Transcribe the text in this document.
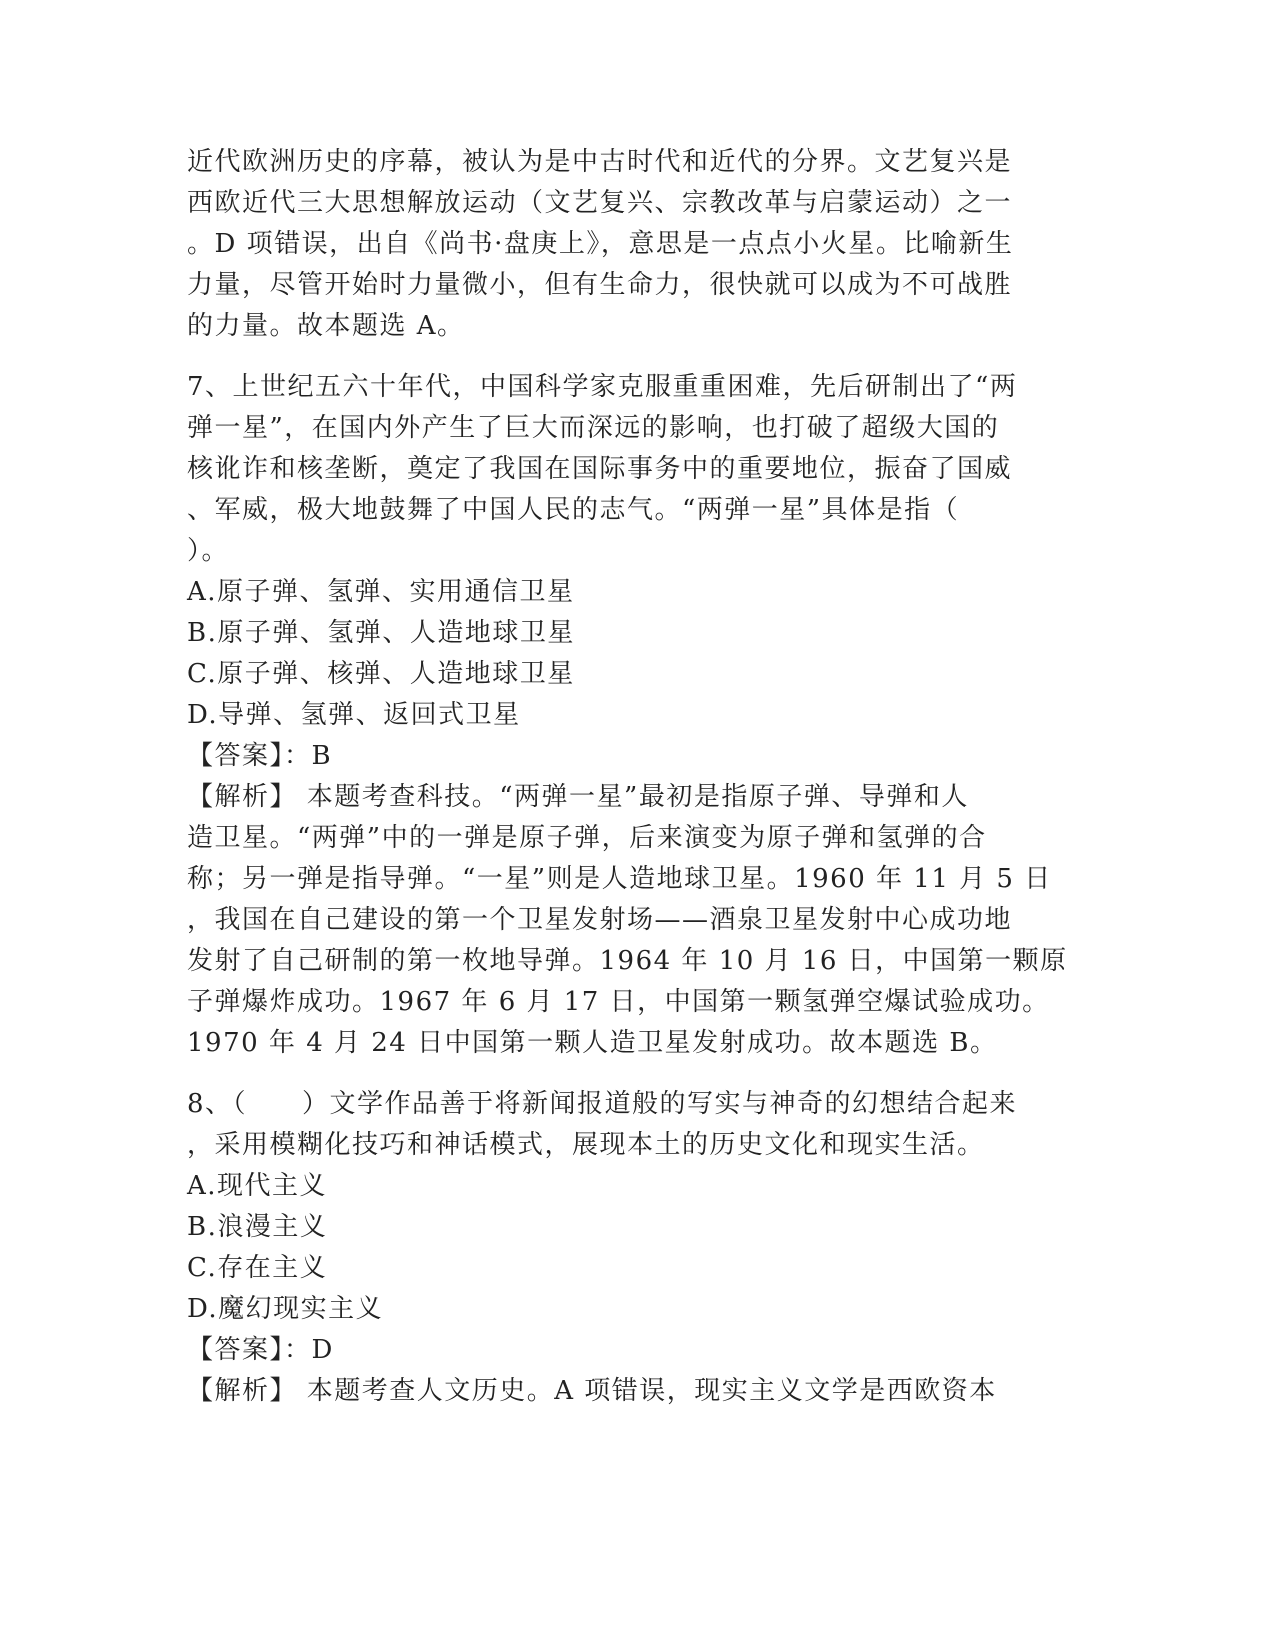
近代欧洲历史的序幕，被认为是中古时代和近代的分界。文艺复兴是
西欧近代三大思想解放运动（文艺复兴、宗教改革与启蒙运动）之一
。D 项错误，出自《尚书·盘庚上》，意思是一点点小火星。比喻新生
力量，尽管开始时力量微小，但有生命力，很快就可以成为不可战胜
的力量。故本题选 A。
7、上世纪五六十年代，中国科学家克服重重困难，先后研制出了“两
弹一星”，在国内外产生了巨大而深远的影响，也打破了超级大国的
核讹诈和核垄断，奠定了我国在国际事务中的重要地位，振奋了国威
、军威，极大地鼓舞了中国人民的志气。“两弹一星”具体是指（
）。
A.原子弹、氢弹、实用通信卫星
B.原子弹、氢弹、人造地球卫星
C.原子弹、核弹、人造地球卫星
D.导弹、氢弹、返回式卫星
【答案】：B
【解析】 本题考查科技。“两弹一星”最初是指原子弹、导弹和人
造卫星。“两弹”中的一弹是原子弹，后来演变为原子弹和氢弹的合
称；另一弹是指导弹。“一星”则是人造地球卫星。1960 年 11 月 5 日
，我国在自己建设的第一个卫星发射场——酒泉卫星发射中心成功地
发射了自己研制的第一枚地导弹。1964 年 10 月 16 日，中国第一颗原
子弹爆炸成功。1967 年 6 月 17 日，中国第一颗氢弹空爆试验成功。
1970 年 4 月 24 日中国第一颗人造卫星发射成功。故本题选 B。
8、（　　）文学作品善于将新闻报道般的写实与神奇的幻想结合起来
，采用模糊化技巧和神话模式，展现本土的历史文化和现实生活。
A.现代主义
B.浪漫主义
C.存在主义
D.魔幻现实主义
【答案】：D
【解析】 本题考查人文历史。A 项错误，现实主义文学是西欧资本
